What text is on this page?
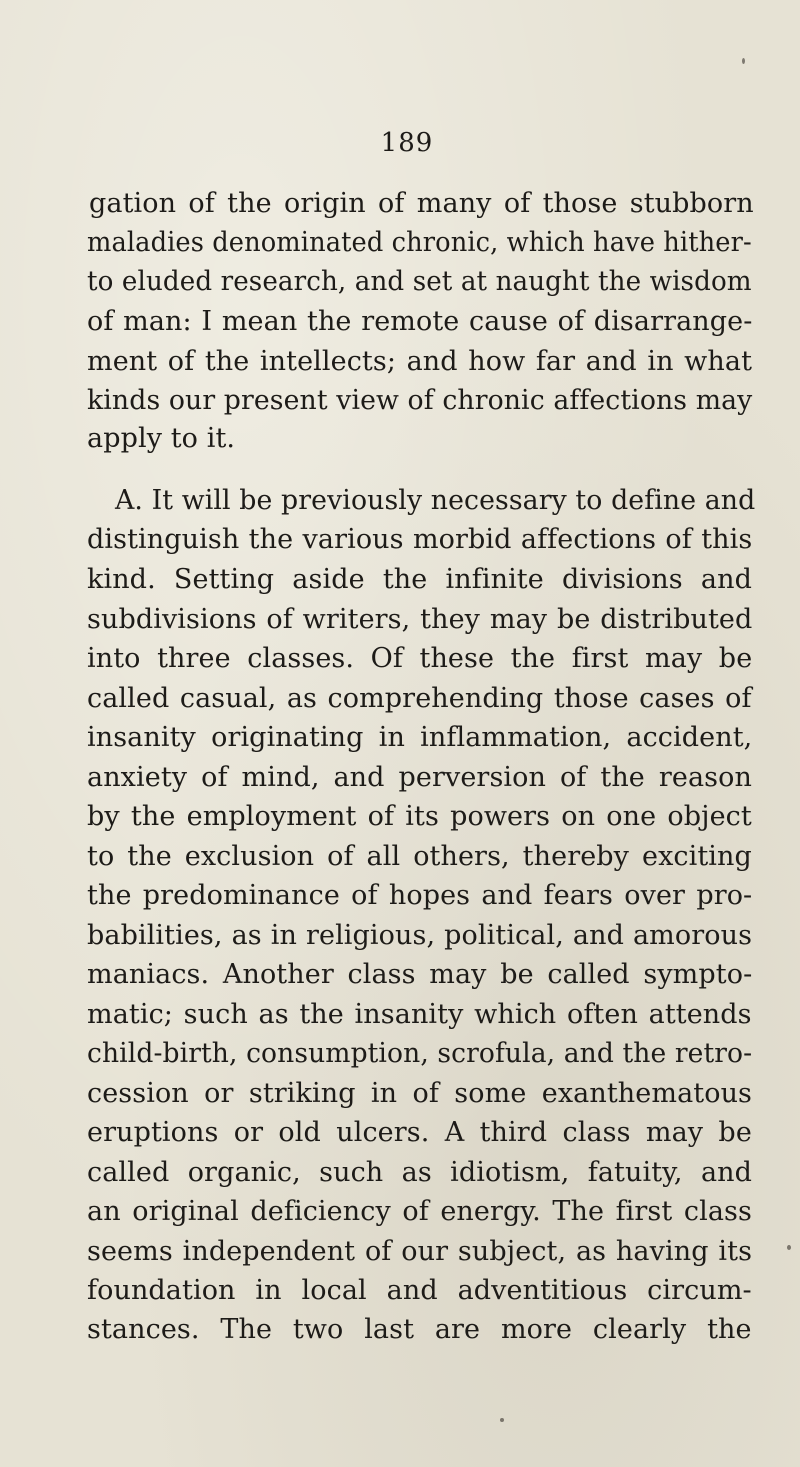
189
gation of the origin of many of those stubborn
maladies denominated chronic, which have hither-
to eluded research, and set at naught the wisdom
of man: I mean the remote cause of disarrange-
ment of the intellects; and how far and in what
kinds our present view of chronic affections may
apply to it.
A. It will be previously necessary to define and
distinguish the various morbid affections of this
kind. Setting aside the infinite divisions and
subdivisions of writers, they may be distributed
into three classes. Of these the first may be
called casual, as comprehending those cases of
insanity originating in inflammation, accident,
anxiety of mind, and perversion of the reason
by the employment of its powers on one object
to the exclusion of all others, thereby exciting
the predominance of hopes and fears over pro-
babilities, as in religious, political, and amorous
maniacs. Another class may be called sympto-
matic; such as the insanity which often attends
child-birth, consumption, scrofula, and the retro-
cession or striking in of some exanthematous
eruptions or old ulcers. A third class may be
called organic, such as idiotism, fatuity, and
an original deficiency of energy. The first class
seems independent of our subject, as having its
foundation in local and adventitious circum-
stances. The two last are more clearly the
